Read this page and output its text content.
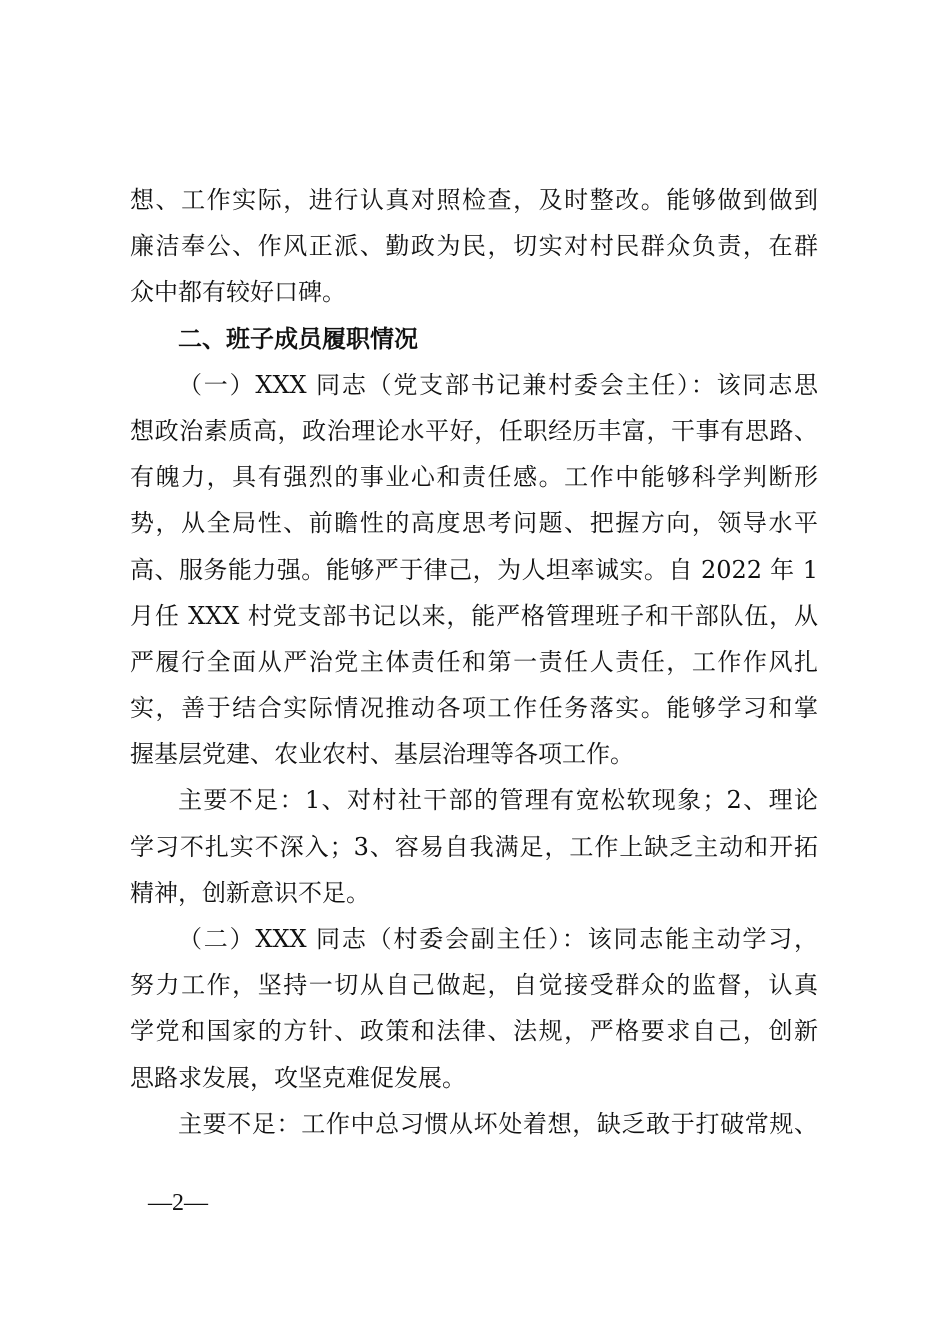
想、工作实际，进行认真对照检查，及时整改。能够做到做到
廉洁奉公、作风正派、勤政为民，切实对村民群众负责，在群
众中都有较好口碑。
二、班子成员履职情况
（一）XXX 同志（党支部书记兼村委会主任）：该同志思
想政治素质高，政治理论水平好，任职经历丰富，干事有思路、
有魄力，具有强烈的事业心和责任感。工作中能够科学判断形
势，从全局性、前瞻性的高度思考问题、把握方向，领导水平
高、服务能力强。能够严于律己，为人坦率诚实。自 2022 年 1
月任 XXX 村党支部书记以来，能严格管理班子和干部队伍，从
严履行全面从严治党主体责任和第一责任人责任，工作作风扎
实，善于结合实际情况推动各项工作任务落实。能够学习和掌
握基层党建、农业农村、基层治理等各项工作。
主要不足：1、对村社干部的管理有宽松软现象；2、理论
学习不扎实不深入；3、容易自我满足，工作上缺乏主动和开拓
精神，创新意识不足。
（二）XXX 同志（村委会副主任）：该同志能主动学习，
努力工作，坚持一切从自己做起，自觉接受群众的监督，认真
学党和国家的方针、政策和法律、法规，严格要求自己，创新
思路求发展，攻坚克难促发展。
主要不足：工作中总习惯从坏处着想，缺乏敢于打破常规、
—2—
